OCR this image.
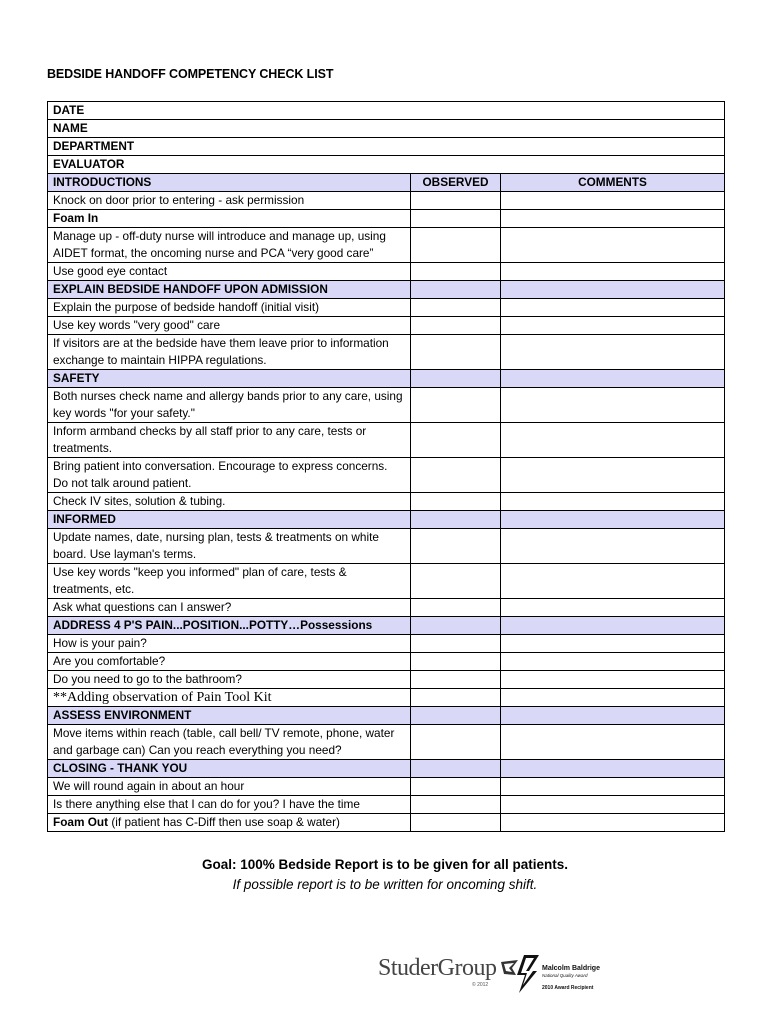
BEDSIDE HANDOFF COMPETENCY CHECK LIST
DATE		
NAME		
DEPARTMENT		
EVALUATOR		
INTRODUCTIONS	OBSERVED	COMMENTS
Knock on door prior to entering - ask permission		
Foam In		
Manage up - off-duty nurse will introduce and manage up, using AIDET format, the oncoming nurse and PCA “very good care”		
Use good eye contact		
EXPLAIN BEDSIDE HANDOFF UPON ADMISSION		
Explain the purpose of bedside handoff (initial visit)		
Use key words "very good" care		
If visitors are at the bedside have them leave prior to information exchange to maintain HIPPA regulations.		
SAFETY		
Both nurses check name and allergy bands prior to any care, using key words "for your safety."		
Inform armband checks by all staff prior to any care, tests or treatments.		
Bring patient into conversation. Encourage to express concerns. Do not talk around patient.		
Check IV sites, solution & tubing.		
INFORMED		
Update names, date, nursing plan, tests & treatments on white board. Use layman's terms.		
Use key words "keep you informed" plan of care, tests & treatments, etc.		
Ask what questions can I answer?		
ADDRESS 4 P'S PAIN...POSITION...POTTY…Possessions		
How is your pain?		
Are you comfortable?		
Do you need to go to the bathroom?		
**Adding observation of Pain Tool Kit		
ASSESS ENVIRONMENT		
Move items within reach (table, call bell/ TV remote, phone, water and garbage can) Can you reach everything you need?		
CLOSING - THANK YOU		
We will round again in about an hour		
Is there anything else that I can do for you? I have the time		
Foam Out (if patient has C-Diff then use soap & water)		
Goal: 100% Bedside Report is to be given for all patients.
If possible report is to be written for oncoming shift.
StuderGroup
© 2012
Malcolm Baldrige
National Quality Award
2010 Award Recipient
